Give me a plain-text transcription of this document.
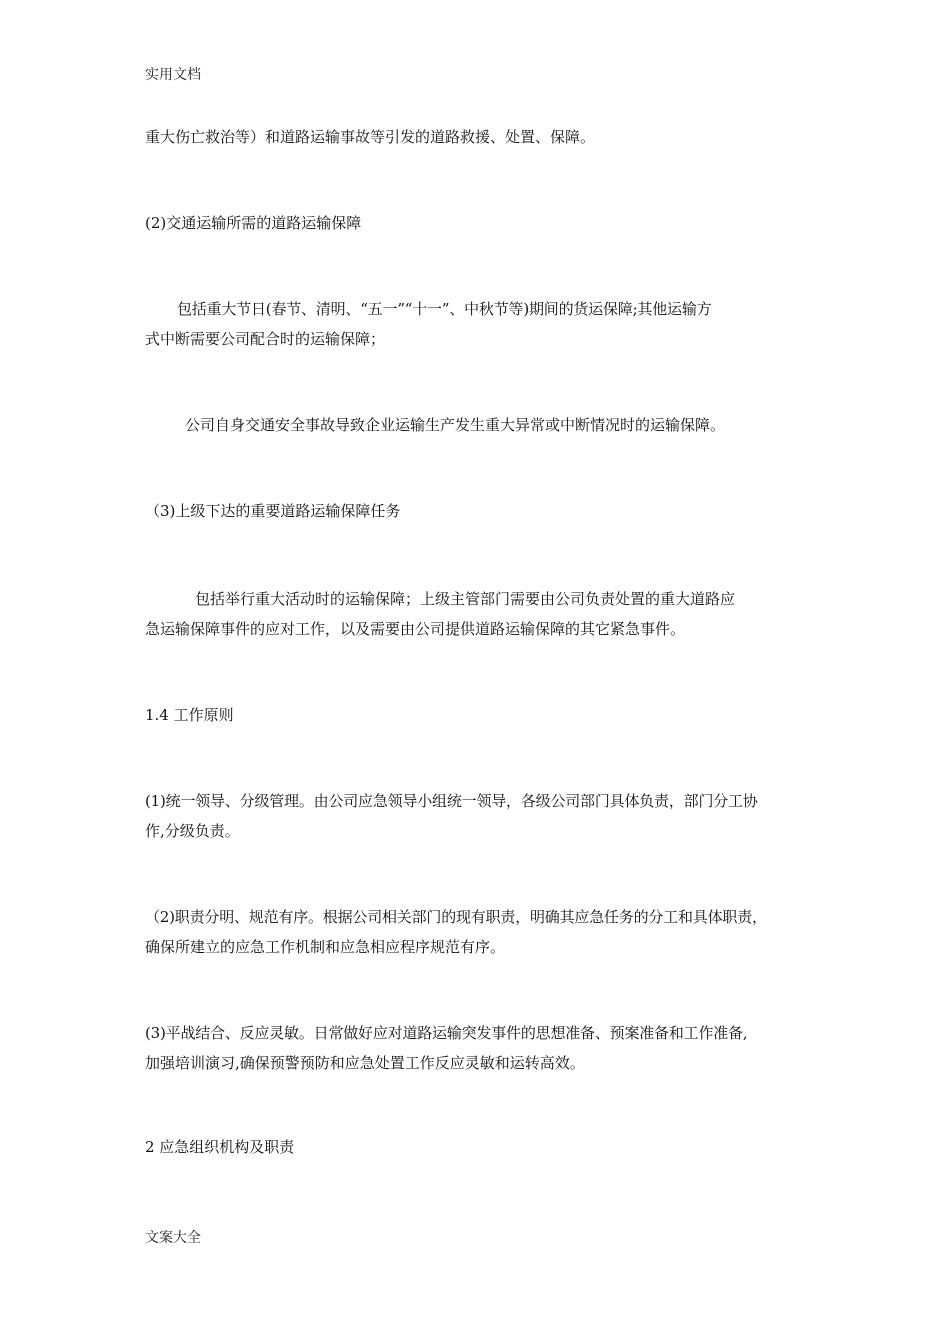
实用文档
重大伤亡救治等）和道路运输事故等引发的道路救援、处置、保障。
(2)交通运输所需的道路运输保障
包括重大节日(春节、清明、“五一”“十一”、中秋节等)期间的货运保障;其他运输方
式中断需要公司配合时的运输保障；
公司自身交通安全事故导致企业运输生产发生重大异常或中断情况时的运输保障。
（3)上级下达的重要道路运输保障任务
包括举行重大活动时的运输保障；上级主管部门需要由公司负责处置的重大道路应
急运输保障事件的应对工作，以及需要由公司提供道路运输保障的其它紧急事件。
1.4 工作原则
(1)统一领导、分级管理。由公司应急领导小组统一领导，各级公司部门具体负责，部门分工协
作,分级负责。
（2)职责分明、规范有序。根据公司相关部门的现有职责，明确其应急任务的分工和具体职责，
确保所建立的应急工作机制和应急相应程序规范有序。
(3)平战结合、反应灵敏。日常做好应对道路运输突发事件的思想准备、预案准备和工作准备,
加强培训演习,确保预警预防和应急处置工作反应灵敏和运转高效。
2 应急组织机构及职责
文案大全
